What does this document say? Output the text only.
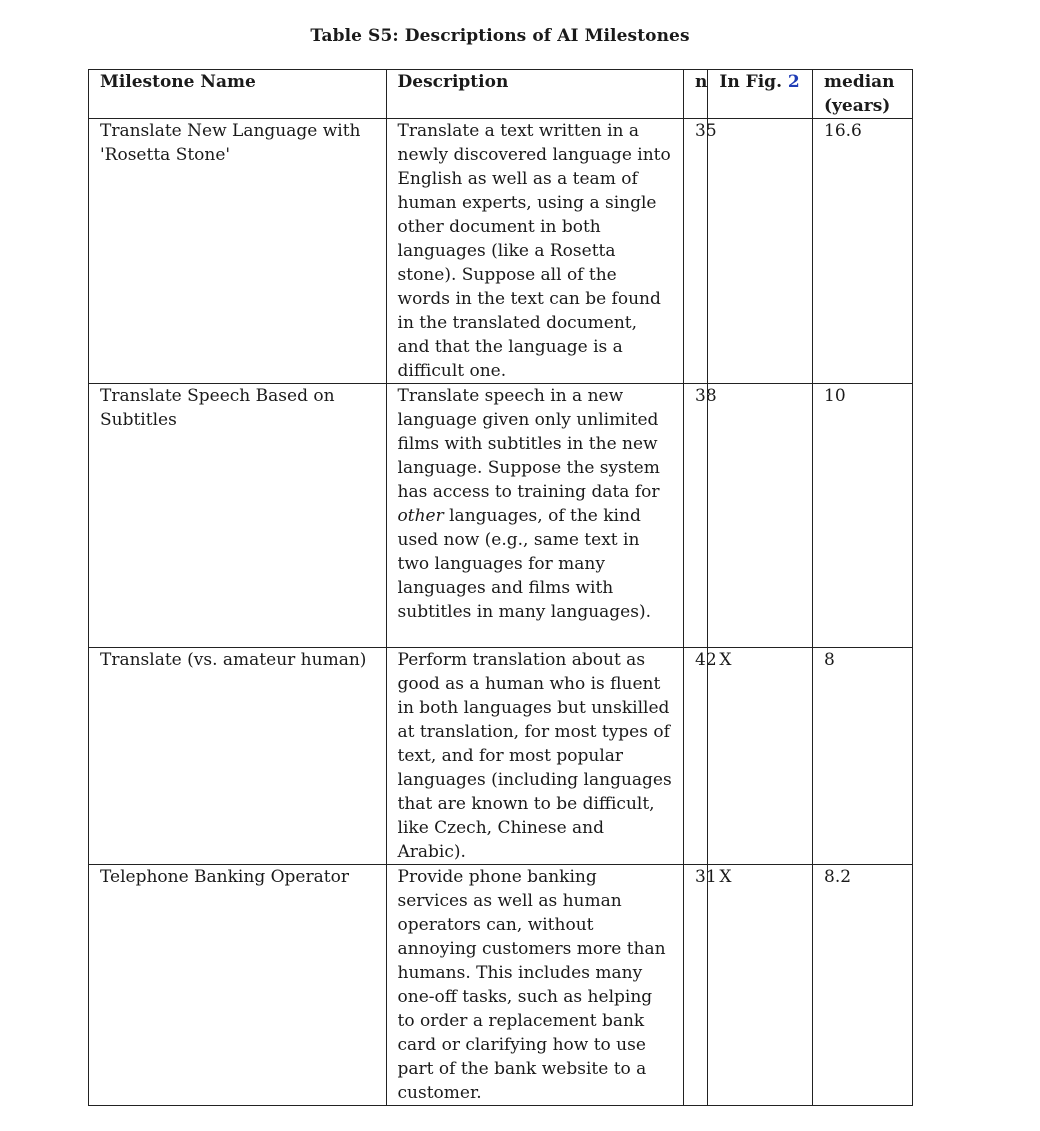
Table S5: Descriptions of AI Milestones
Milestone Name	Description	n	In Fig. 2	median (years)
Translate New Language with 'Rosetta Stone'	Translate a text written in a newly discovered language into English as well as a team of human experts, using a single other document in both languages (like a Rosetta stone). Suppose all of the words in the text can be found in the translated document, and that the language is a difficult one.	35		16.6
Translate Speech Based on Subtitles	Translate speech in a new language given only unlimited films with subtitles in the new language. Suppose the system has access to training data for other languages, of the kind used now (e.g., same text in two languages for many languages and films with subtitles in many languages).	38		10
Translate (vs. amateur human)	Perform translation about as good as a human who is fluent in both languages but unskilled at translation, for most types of text, and for most popular languages (including languages that are known to be difficult, like Czech, Chinese and Arabic).	42	X	8
Telephone Banking Operator	Provide phone banking services as well as human operators can, without annoying customers more than humans. This includes many one-off tasks, such as helping to order a replacement bank card or clarifying how to use part of the bank website to a customer.	31	X	8.2
